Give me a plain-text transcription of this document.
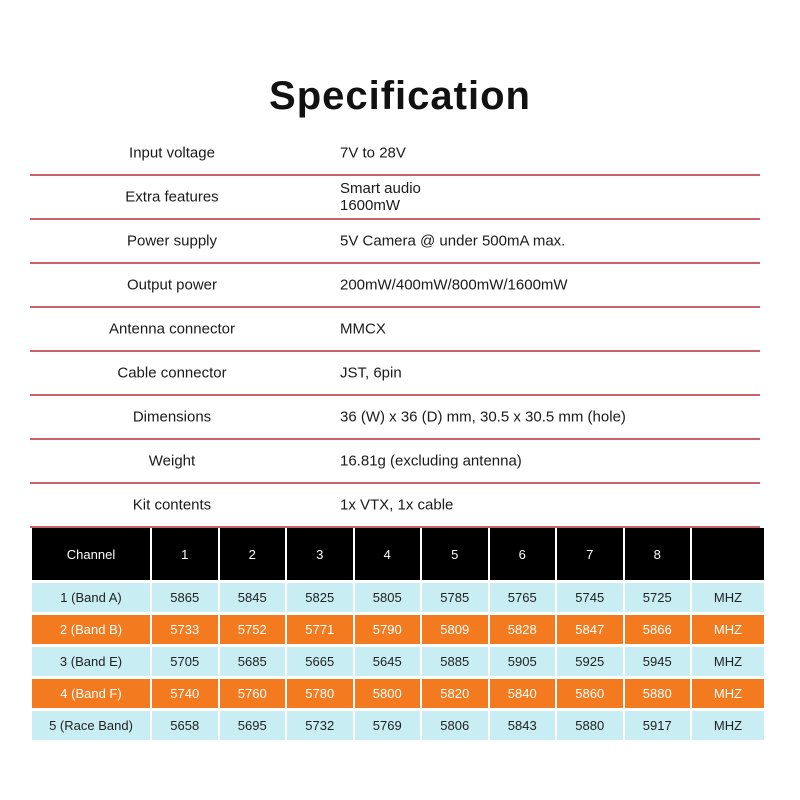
Specification
Input voltage	7V to 28V
Extra features	Smart audio
1600mW
Power supply	5V Camera @ under 500mA max.
Output power	200mW/400mW/800mW/1600mW
Antenna connector	MMCX
Cable connector	JST, 6pin
Dimensions	36 (W) x 36 (D) mm, 30.5 x 30.5 mm (hole)
Weight	16.81g (excluding antenna)
Kit contents	1x VTX, 1x cable
Channel	1	2	3	4	5	6	7	8	
1 (Band A)	5865	5845	5825	5805	5785	5765	5745	5725	MHZ
2 (Band B)	5733	5752	5771	5790	5809	5828	5847	5866	MHZ
3 (Band E)	5705	5685	5665	5645	5885	5905	5925	5945	MHZ
4 (Band F)	5740	5760	5780	5800	5820	5840	5860	5880	MHZ
5 (Race Band)	5658	5695	5732	5769	5806	5843	5880	5917	MHZ
